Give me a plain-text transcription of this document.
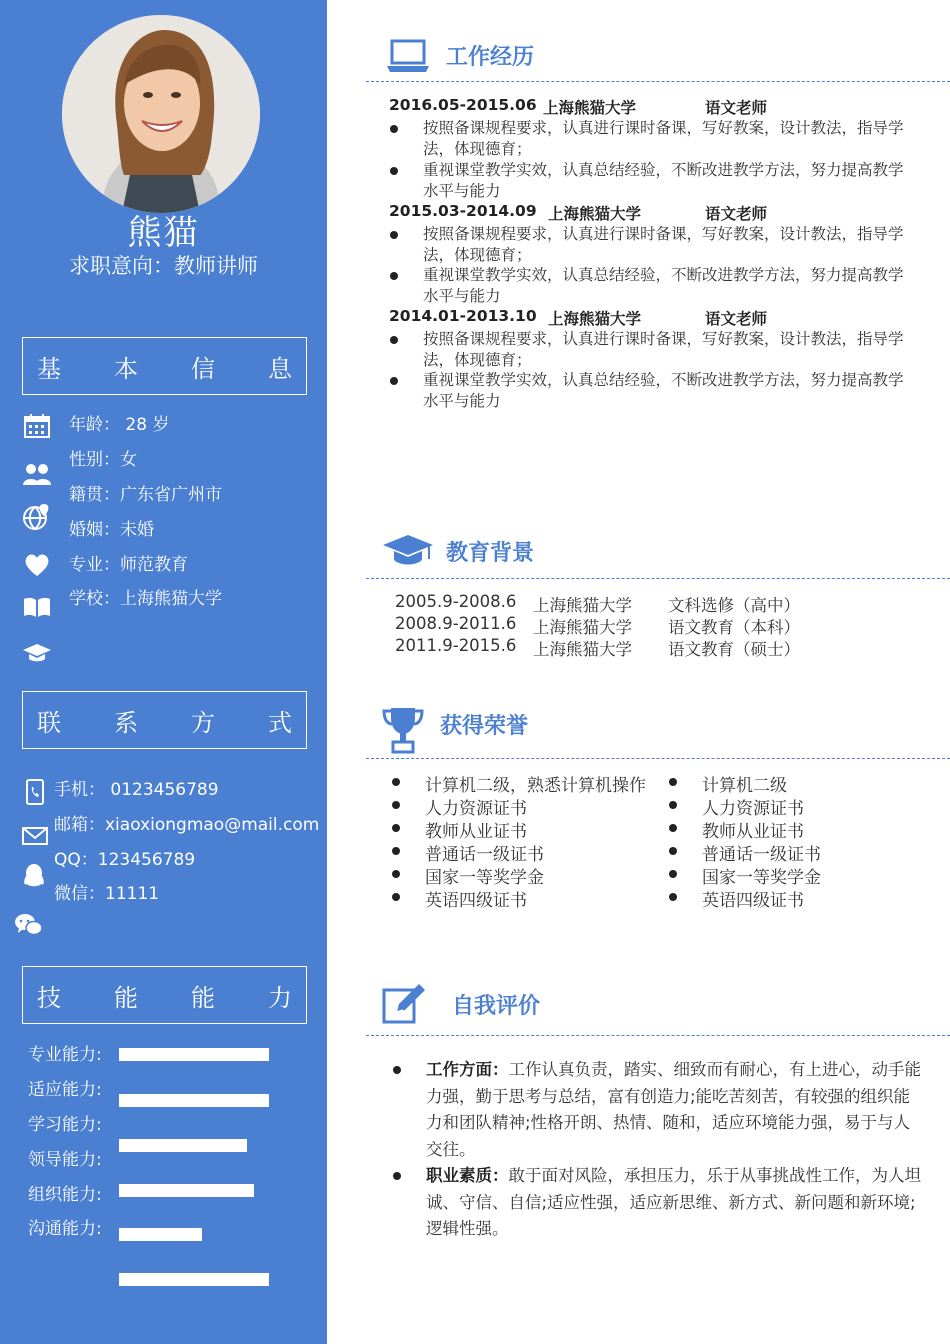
熊猫
求职意向：教师讲师
基 本 信 息
年龄： 28 岁
性别：女
籍贯：广东省广州市
婚姻：未婚
专业：师范教育
学校：上海熊猫大学
联 系 方 式
手机： 0123456789
邮箱：xiaoxiongmao@mail.com
QQ：123456789
微信：11111
技 能 能 力
专业能力:
适应能力:
学习能力:
领导能力:
组织能力:
沟通能力:
工作经历
2016.05-2015.06 上海熊猫大学	语文老师
按照备课规程要求，认真进行课时备课，写好教案，设计教法，指导学法，体现德育；
重视课堂教学实效，认真总结经验，不断改进教学方法，努力提高教学水平与能力
2015.03-2014.09 上海熊猫大学	语文老师
按照备课规程要求，认真进行课时备课，写好教案，设计教法，指导学法，体现德育；
重视课堂教学实效，认真总结经验，不断改进教学方法，努力提高教学水平与能力
2014.01-2013.10 上海熊猫大学	语文老师
按照备课规程要求，认真进行课时备课，写好教案，设计教法，指导学法，体现德育；
重视课堂教学实效，认真总结经验，不断改进教学方法，努力提高教学水平与能力
教育背景
2005.9-2008.6 上海熊猫大学 文科选修（高中）
2008.9-2011.6 上海熊猫大学 语文教育（本科）
2011.9-2015.6 上海熊猫大学 语文教育（硕士）
获得荣誉
计算机二级，熟悉计算机操作
人力资源证书
教师从业证书
普通话一级证书
国家一等奖学金
英语四级证书
计算机二级
人力资源证书
教师从业证书
普通话一级证书
国家一等奖学金
英语四级证书
自我评价
工作方面：工作认真负责，踏实、细致而有耐心，有上进心，动手能力强，勤于思考与总结，富有创造力;能吃苦刻苦，有较强的组织能力和团队精神;性格开朗、热情、随和，适应环境能力强，易于与人交往。
职业素质：敢于面对风险，承担压力，乐于从事挑战性工作，为人坦诚、守信、自信;适应性强，适应新思维、新方式、新问题和新环境;逻辑性强。
